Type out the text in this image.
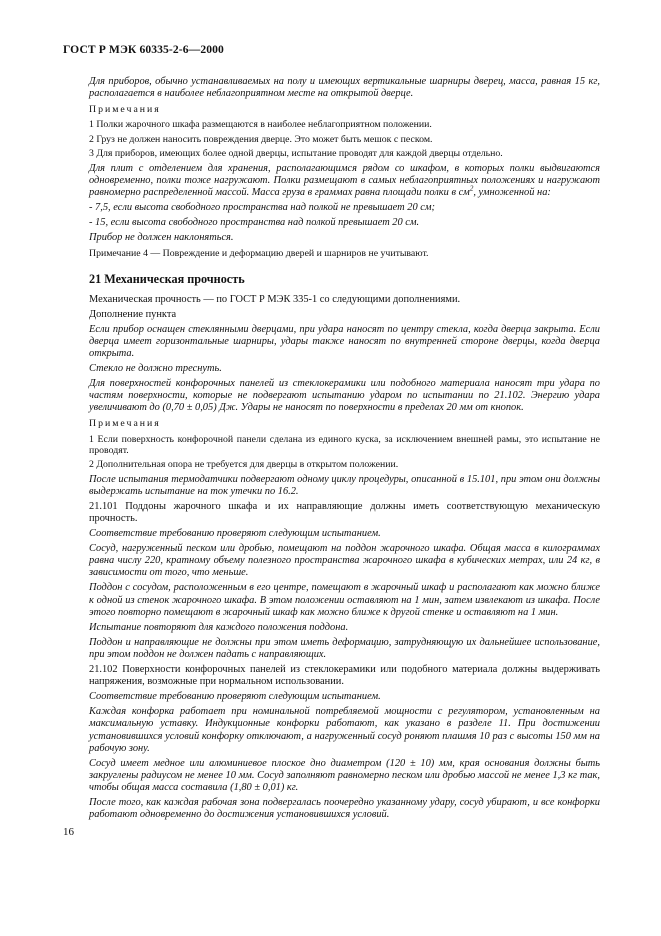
ГОСТ Р МЭК 60335-2-6—2000

Для приборов, обычно устанавливаемых на полу и имеющих вертикальные шарниры дверец, масса, равная 15 кг, располагается в наиболее неблагоприятном месте на открытой дверце.

Примечания

1 Полки жарочного шкафа размещаются в наиболее неблагоприятном положении.

2 Груз не должен наносить повреждения дверце. Это может быть мешок с песком.

3 Для приборов, имеющих более одной дверцы, испытание проводят для каждой дверцы отдельно.

Для плит с отделением для хранения, располагающимся рядом со шкафом, в которых полки выдвигаются одновременно, полки тоже нагружают. Полки размещают в самых неблагоприятных положениях и нагружают равномерно распределенной массой. Масса груза в граммах равна площади полки в $см^2$, умноженной на:

- 7,5, если высота свободного пространства над полкой не превышает 20 см;

- 15, если высота свободного пространства над полкой превышает 20 см.

Прибор не должен наклоняться.

Примечание 4 — Повреждение и деформацию дверей и шарниров не учитывают.

21 Механическая прочность

Механическая прочность — по ГОСТ Р МЭК 335-1 со следующими дополнениями.

Дополнение пункта

Если прибор оснащен стеклянными дверцами, при удара наносят по центру стекла, когда дверца закрыта. Если дверца имеет горизонтальные шарниры, удары также наносят по внутренней стороне дверцы, когда дверца открыта.

Стекло не должно треснуть.

Для поверхностей конфорочных панелей из стеклокерамики или подобного материала наносят три удара по частям поверхности, которые не подвергают испытанию ударом по испытании по 21.102. Энергию удара увеличивают до (0,70 ± 0,05) Дж. Удары не наносят по поверхности в пределах 20 мм от кнопок.

Примечания

1 Если поверхность конфорочной панели сделана из единого куска, за исключением внешней рамы, это испытание не проводят.

2 Дополнительная опора не требуется для дверцы в открытом положении.

После испытания термодатчики подвергают одному циклу процедуры, описанной в 15.101, при этом они должны выдержать испытание на ток утечки по 16.2.

21.101 Поддоны жарочного шкафа и их направляющие должны иметь соответствующую механическую прочность.

Соответствие требованию проверяют следующим испытанием.

Сосуд, нагруженный песком или дробью, помещают на поддон жарочного шкафа. Общая масса в килограммах равна числу 220, кратному объему полезного пространства жарочного шкафа в кубических метрах, или 24 кг, в зависимости от того, что меньше.

Поддон с сосудом, расположенным в его центре, помещают в жарочный шкаф и располагают как можно ближе к одной из стенок жарочного шкафа. В этом положении оставляют на 1 мин, затем извлекают из шкафа. После этого повторно помещают в жарочный шкаф как можно ближе к другой стенке и оставляют на 1 мин.

Испытание повторяют для каждого положения поддона.

Поддон и направляющие не должны при этом иметь деформацию, затрудняющую их дальнейшее использование, при этом поддон не должен падать с направляющих.

21.102 Поверхности конфорочных панелей из стеклокерамики или подобного материала должны выдерживать напряжения, возможные при нормальном использовании.

Соответствие требованию проверяют следующим испытанием.

Каждая конфорка работает при номинальной потребляемой мощности с регулятором, установленным на максимальную уставку. Индукционные конфорки работают, как указано в разделе 11. При достижении установившихся условий конфорку отключают, а нагруженный сосуд роняют плашмя 10 раз с высоты 150 мм на рабочую зону.

Сосуд имеет медное или алюминиевое плоское дно диаметром (120 ± 10) мм, края основания должны быть закруглены радиусом не менее 10 мм. Сосуд заполняют равномерно песком или дробью массой не менее 1,3 кг так, чтобы общая масса составила (1,80 ± 0,01) кг.

После того, как каждая рабочая зона подвергалась поочередно указанному удару, сосуд убирают, и все конфорки работают одновременно до достижения установившихся условий.

16
